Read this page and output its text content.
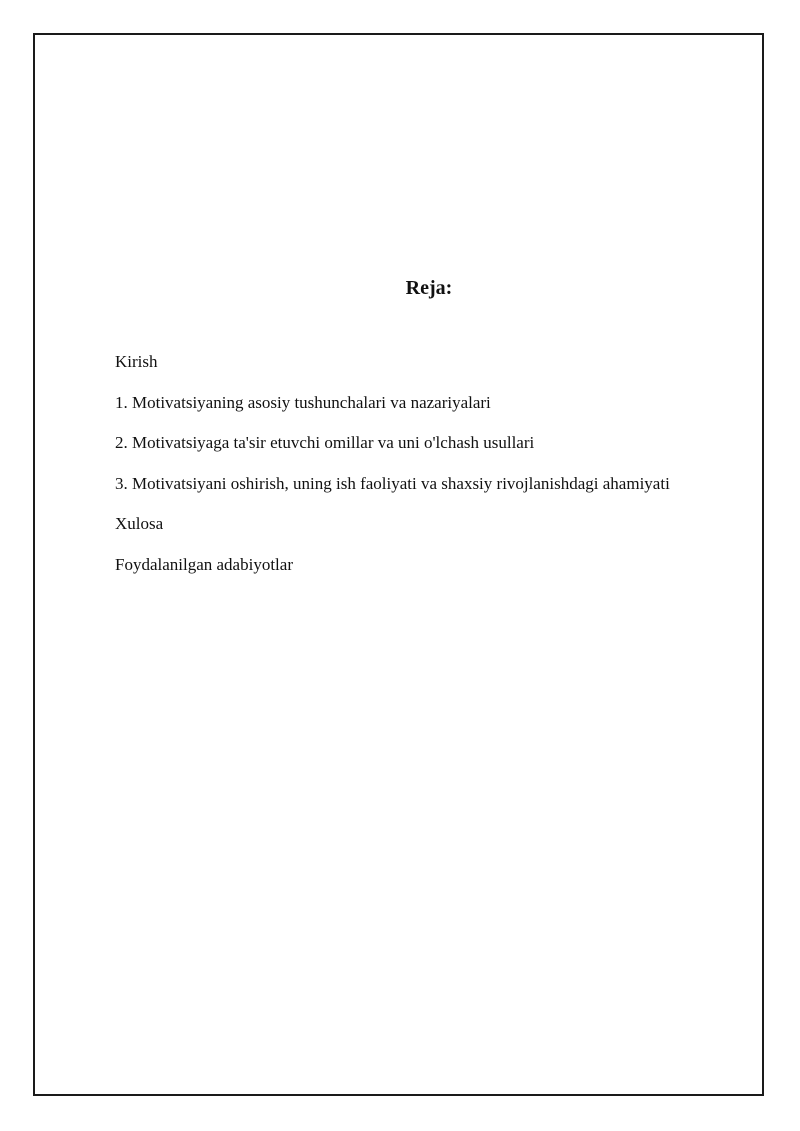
Reja:
Kirish
1. Motivatsiyaning asosiy tushunchalari va nazariyalari
2. Motivatsiyaga ta'sir etuvchi omillar va uni o'lchash usullari
3. Motivatsiyani oshirish, uning ish faoliyati va shaxsiy rivojlanishdagi ahamiyati
Xulosa
Foydalanilgan adabiyotlar
